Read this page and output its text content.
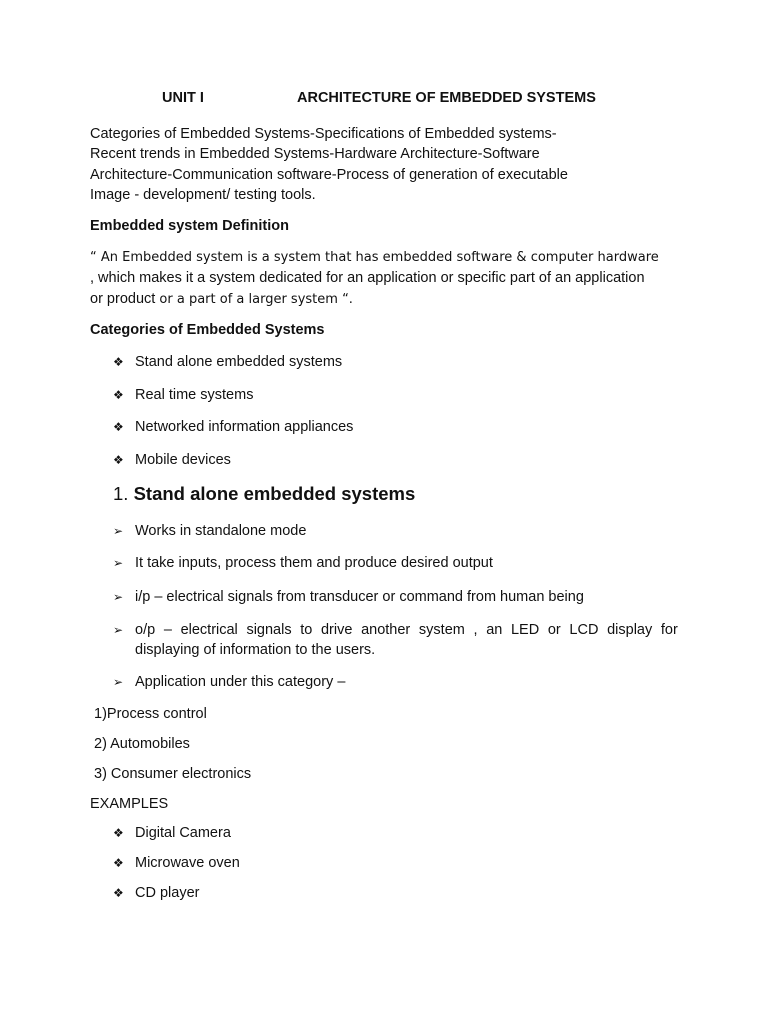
UNIT I	ARCHITECTURE OF EMBEDDED SYSTEMS
Categories of Embedded Systems-Specifications of Embedded systems-
Recent trends in Embedded Systems-Hardware Architecture-Software
Architecture-Communication software-Process of generation of executable
Image - development/ testing tools.
Embedded system Definition
“ An Embedded system is a system that has embedded software & computer hardware
, which makes it a system dedicated for an application or specific part of an application
or product or a part of a larger system “.
Categories of Embedded Systems
❖ Stand alone embedded systems
❖Real time systems
❖Networked information appliances
❖Mobile devices
1. Stand alone embedded systems
➢Works in standalone mode
➢ It take inputs, process them and produce desired output
➢ i/p – electrical signals from transducer or command from human being
➢ o/p – electrical signals to drive another system , an LED or LCD display for
displaying of information to the users.
➢ Application under this category –
1)Process control
2) Automobiles
3) Consumer electronics
EXAMPLES
❖Digital Camera
❖ Microwave oven
❖ CD player
